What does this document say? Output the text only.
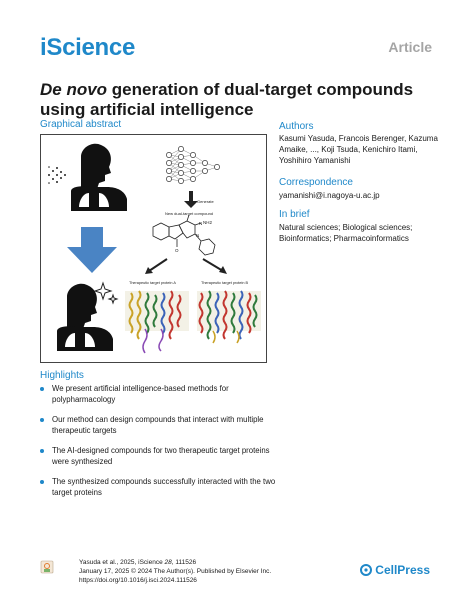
iScience	Article
De novo generation of dual-target compounds using artificial intelligence
Graphical abstract
Generate
New dual-target compound
N NH2
N
O
Therapeutic target protein A	Therapeutic target protein B
Authors
Kasumi Yasuda, Francois Berenger, Kazuma Amaike, ..., Koji Tsuda, Kenichiro Itami, Yoshihiro Yamanishi
Correspondence
yamanishi@i.nagoya-u.ac.jp
In brief
Natural sciences; Biological sciences; Bioinformatics; Pharmacoinformatics
Highlights
We present artificial intelligence-based methods for polypharmacology
Our method can design compounds that interact with multiple therapeutic targets
The AI-designed compounds for two therapeutic target proteins were synthesized
The synthesized compounds successfully interacted with the two target proteins
Yasuda et al., 2025, iScience 28, 111526
January 17, 2025 © 2024 The Author(s). Published by Elsevier Inc.
https://doi.org/10.1016/j.isci.2024.111526
CellPress
